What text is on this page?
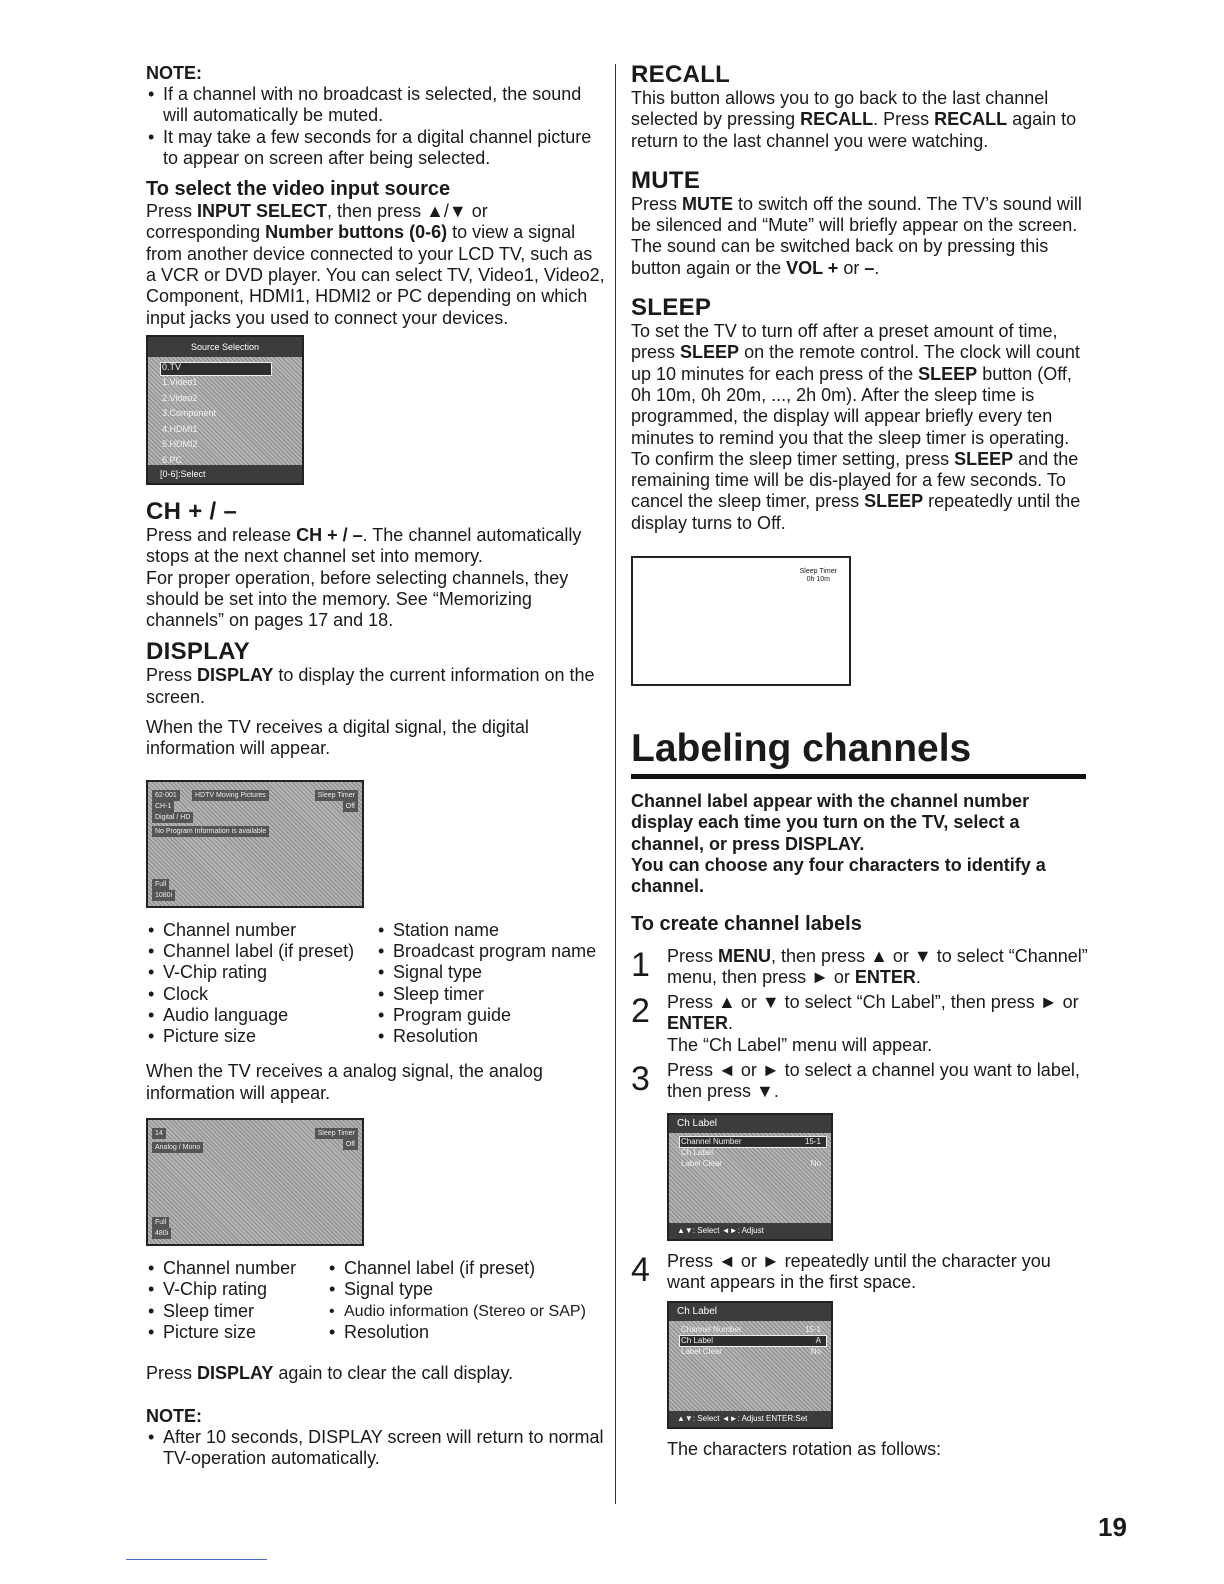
NOTE:
• If a channel with no broadcast is selected, the sound will automatically be muted.
• It may take a few seconds for a digital channel picture to appear on screen after being selected.
To select the video input source

Press INPUT SELECT, then press ▲/▼ or corresponding Number buttons (0-6) to view a signal from another device connected to your LCD TV, such as a VCR or DVD player. You can select TV, Video1, Video2, Component, HDMI1, HDMI2 or PC depending on which input jacks you used to connect your devices.

Source Selection
0.TV
1.Video1
2.Video2
3.Component
4.HDMI1
5.HDMI2
6.PC
[0-6]:Select
CH + / –

Press and release CH + / –. The channel automatically stops at the next channel set into memory.

For proper operation, before selecting channels, they should be set into the memory. See “Memorizing channels” on pages 17 and 18.

DISPLAY

Press DISPLAY to display the current information on the screen.

When the TV receives a digital signal, the digital information will appear.

62-001	HDTV Moving Pictures	Sleep Timer
Off
CH-1
Digital / HD
No Program Information is available
Full
1080i
• Channel number
• Channel label (if preset)
• V-Chip rating
• Clock
• Audio language
• Picture size
• Station name
• Broadcast program name
• Signal type
• Sleep timer
• Program guide
• Resolution

When the TV receives a analog signal, the analog information will appear.

14	Sleep Timer
Off
Analog / Mono
Full
480i
• Channel number
• V-Chip rating
• Sleep timer
• Picture size
• Channel label (if preset)
• Signal type
• Audio information (Stereo or SAP)
• Resolution

Press DISPLAY again to clear the call display.

NOTE:
• After 10 seconds, DISPLAY screen will return to normal TV-operation automatically.
RECALL

This button allows you to go back to the last channel selected by pressing RECALL. Press RECALL again to return to the last channel you were watching.

MUTE

Press MUTE to switch off the sound. The TV’s sound will be silenced and “Mute” will briefly appear on the screen. The sound can be switched back on by pressing this button again or the VOL + or –.

SLEEP

To set the TV to turn off after a preset amount of time, press SLEEP on the remote control. The clock will count up 10 minutes for each press of the SLEEP button (Off, 0h 10m, 0h 20m, ..., 2h 0m). After the sleep time is programmed, the display will appear briefly every ten minutes to remind you that the sleep timer is operating. To confirm the sleep timer setting, press SLEEP and the remaining time will be dis-played for a few seconds. To cancel the sleep timer, press SLEEP repeatedly until the display turns to Off.

Sleep Timer
0h 10m
Labeling channels

Channel label appear with the channel number display each time you turn on the TV, select a channel, or press DISPLAY.

You can choose any four characters to identify a channel.

To create channel labels
1 Press MENU, then press ▲ or ▼ to select “Channel” menu, then press ► or ENTER.

2 Press ▲ or ▼ to select “Ch Label”, then press ► or ENTER.

The “Ch Label” menu will appear.

3 Press ◄ or ► to select a channel you want to label, then press ▼.

Ch Label
Channel Number	15-1
Ch Label
Label Clear	No
▲▼: Select ◄►: Adjust
4 Press ◄ or ► repeatedly until the character you want appears in the first space.

Ch Label
Channel Number	15-1
Ch Label	A
Label Clear	No
▲▼: Select ◄►: Adjust ENTER:Set

The characters rotation as follows:

19
